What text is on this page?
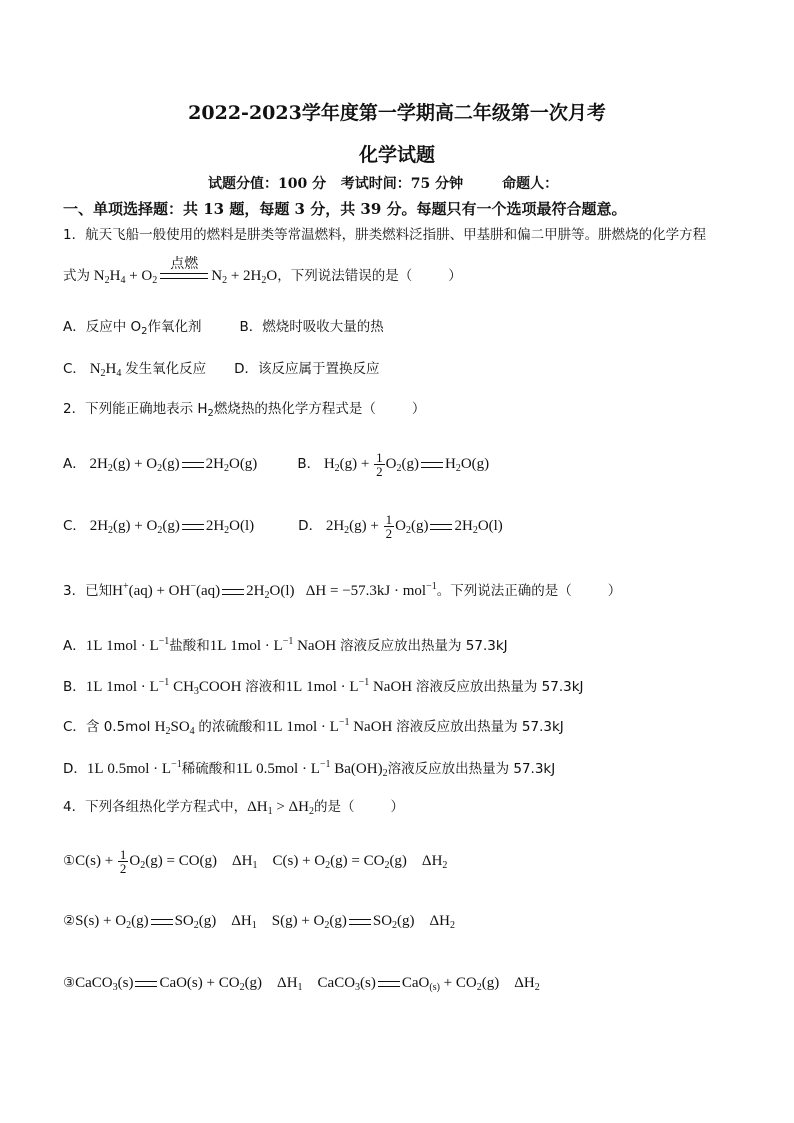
2022-2023学年度第一学期高二年级第一次月考
化学试题
试题分值：100 分 考试时间：75 分钟	命题人：
一、单项选择题：共 13 题，每题 3 分，共 39 分。每题只有一个选项最符合题意。
1．航天飞船一般使用的燃料是肼类等常温燃料，肼类燃料泛指肼、甲基肼和偏二甲肼等。肼燃烧的化学方程
式为 $N_2H_4 + O_2$
点燃
$N_2 + 2H_2O$，下列说法错误的是（	）
A．反应中 $O_2$作氧化剂	B．燃烧时吸收大量的热
C． $N_2H_4$ 发生氧化反应 D．该反应属于置换反应
2．下列能正确地表示 $H_2$燃烧热的热化学方程式是（	）
A． $2H_2(g) + O_2(g)$ $2H_2O(g)$	B． $H_2(g) + \frac{1}{2} O_2(g)$ $H_2O(g)$
C． $2H_2(g) + O_2(g)$ $2H_2O(l)$	D． $2H_2(g) + \frac{1}{2} O_2(g)$ $2H_2O(l)$
3．已知H+(aq) + OH−(aq) $2H_2O(l) \Delta H = -57.3kJ \cdot mol^{-1}$。下列说法正确的是（	）
A．1L $1mol \cdot L^{-1}$盐酸和1L $1mol \cdot L^{-1}$ NaOH 溶液反应放出热量为 57.3kJ
B．1L $1mol \cdot L^{-1}$ $CH_3COOH$ 溶液和1L $1mol \cdot L^{-1}$ NaOH 溶液反应放出热量为 57.3kJ
C．含 0.5mol $H_2SO_4$ 的浓硫酸和1L $1mol \cdot L^{-1}$ NaOH 溶液反应放出热量为 57.3kJ
D．1L $0.5mol \cdot L^{-1}$稀硫酸和1L $0.5mol \cdot L^{-1}$ $Ba(OH)_2$溶液反应放出热量为 57.3kJ
4．下列各组热化学方程式中，$\Delta H_1 > \Delta H_2$的是（	）
①C(s) + $\frac{1}{2} O_2(g) = CO(g)$    $\Delta H_1$    $C(s) + O_2(g) = CO_2(g)$    $\Delta H_2$
②S(s) + $O_2(g)$ $SO_2(g)$    $\Delta H_1$    $S(g) + O_2(g)$ $SO_2(g)$    $\Delta H_2$
③CaCO$_3$(s) $CaO(s) + CO_2(g)$    $\Delta H_1$    CaCO$_3$(s) $CaO_{(s)} + CO_2(g)$    $\Delta H_2$
